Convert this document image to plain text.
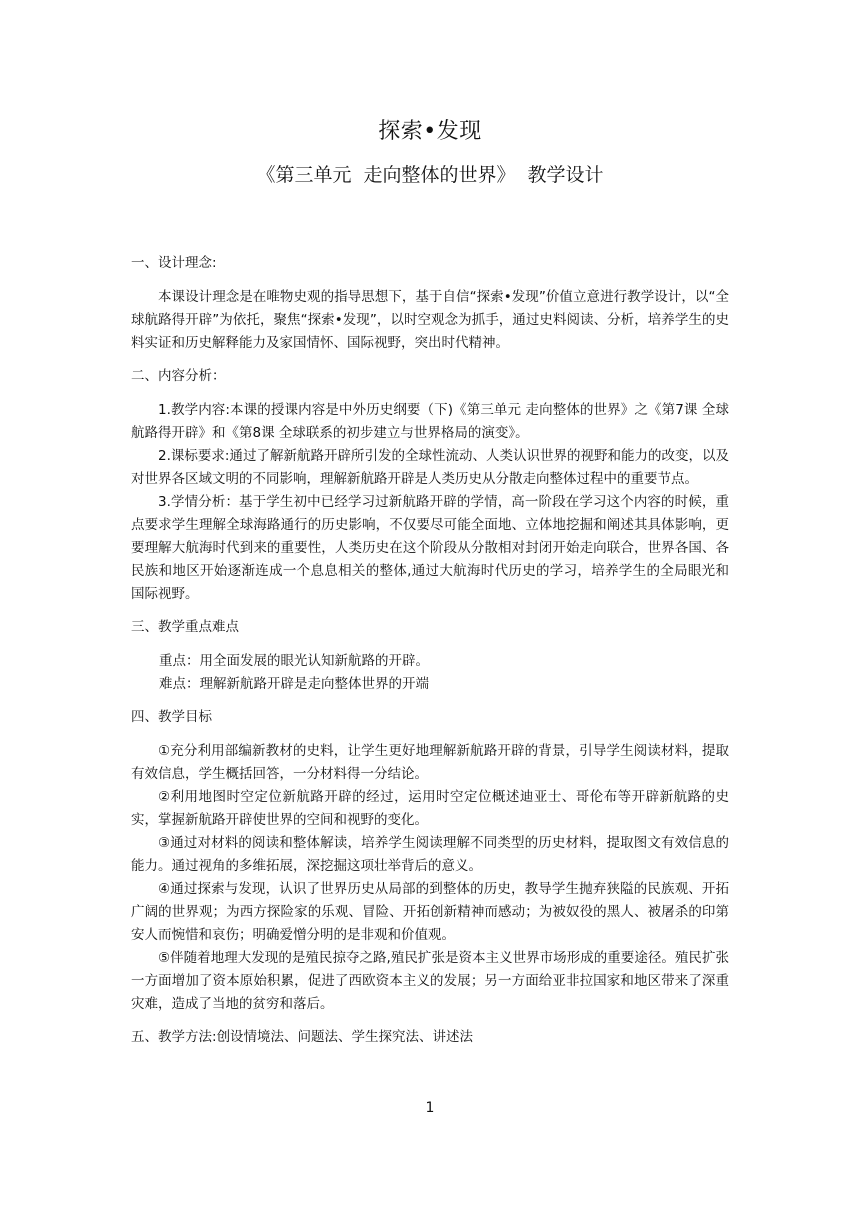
探索•发现
《第三单元 走向整体的世界》 教学设计

一、设计理念:

本课设计理念是在唯物史观的指导思想下，基于自信“探索•发现”价值立意进行教学设计，以“全球航路得开辟”为依托，聚焦“探索•发现”，以时空观念为抓手，通过史料阅读、分析，培养学生的史料实证和历史解释能力及家国情怀、国际视野，突出时代精神。

二、内容分析：

1.教学内容:本课的授课内容是中外历史纲要（下)《第三单元 走向整体的世界》之《第7课 全球航路得开辟》和《第8课 全球联系的初步建立与世界格局的演变》。

2.课标要求:通过了解新航路开辟所引发的全球性流动、人类认识世界的视野和能力的改变，以及对世界各区域文明的不同影响，理解新航路开辟是人类历史从分散走向整体过程中的重要节点。

3.学情分析：基于学生初中已经学习过新航路开辟的学情，高一阶段在学习这个内容的时候，重点要求学生理解全球海路通行的历史影响，不仅要尽可能全面地、立体地挖掘和阐述其具体影响，更要理解大航海时代到来的重要性，人类历史在这个阶段从分散相对封闭开始走向联合，世界各国、各民族和地区开始逐渐连成一个息息相关的整体,通过大航海时代历史的学习，培养学生的全局眼光和国际视野。

三、教学重点难点

重点：用全面发展的眼光认知新航路的开辟。

难点：理解新航路开辟是走向整体世界的开端

四、教学目标

①充分利用部编新教材的史料，让学生更好地理解新航路开辟的背景，引导学生阅读材料，提取有效信息，学生概括回答，一分材料得一分结论。

②利用地图时空定位新航路开辟的经过，运用时空定位概述迪亚士、哥伦布等开辟新航路的史实，掌握新航路开辟使世界的空间和视野的变化。

③通过对材料的阅读和整体解读，培养学生阅读理解不同类型的历史材料，提取图文有效信息的能力。通过视角的多维拓展，深挖掘这项壮举背后的意义。

④通过探索与发现，认识了世界历史从局部的到整体的历史，教导学生抛弃狭隘的民族观、开拓广阔的世界观；为西方探险家的乐观、冒险、开拓创新精神而感动；为被奴役的黑人、被屠杀的印第安人而惋惜和哀伤；明确爱憎分明的是非观和价值观。

⑤伴随着地理大发现的是殖民掠夺之路,殖民扩张是资本主义世界市场形成的重要途径。殖民扩张一方面增加了资本原始积累，促进了西欧资本主义的发展；另一方面给亚非拉国家和地区带来了深重灾难，造成了当地的贫穷和落后。

五、教学方法:创设情境法、问题法、学生探究法、讲述法

1
